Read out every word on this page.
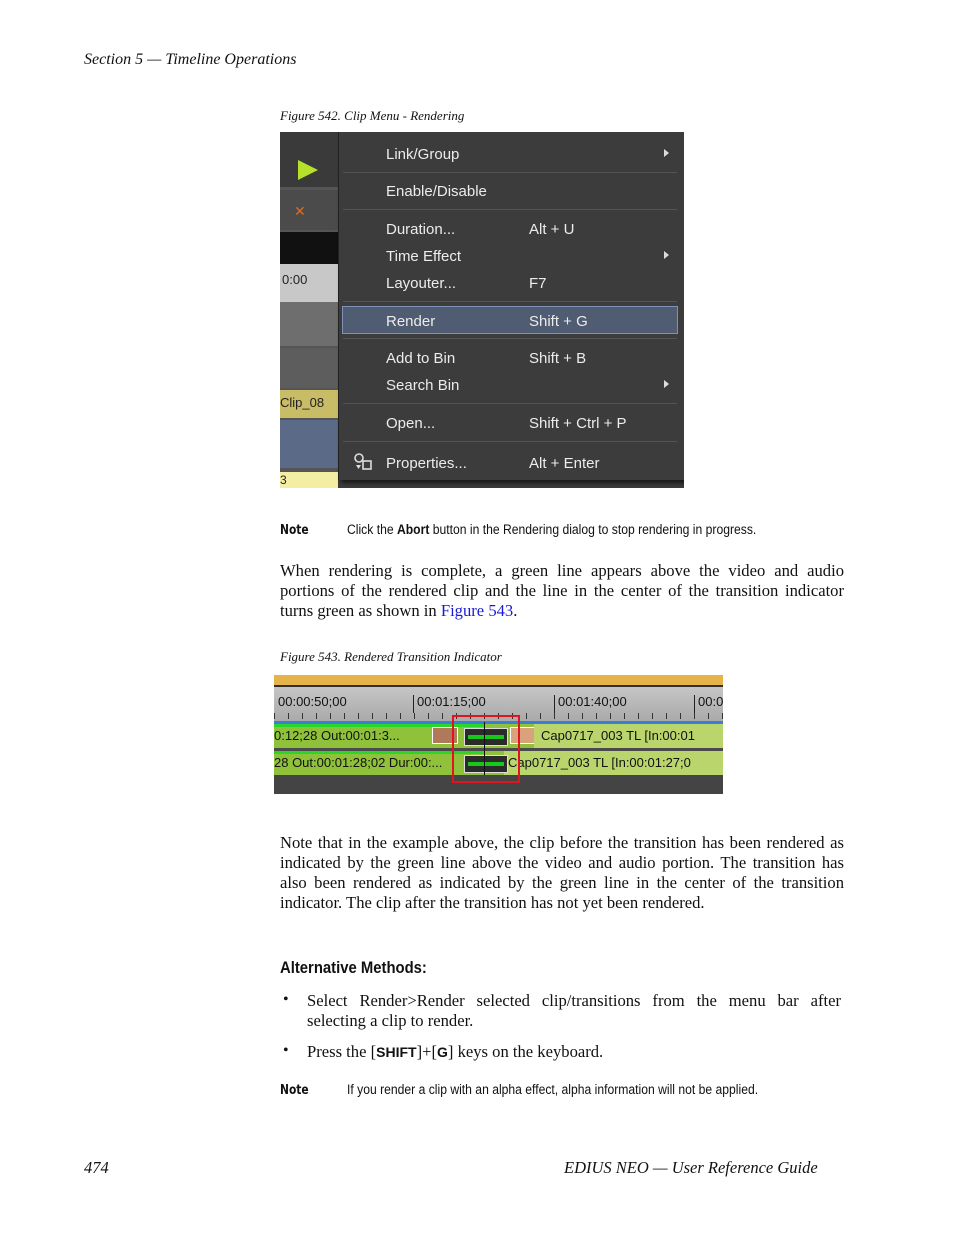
Section 5 — Timeline Operations
Figure 542. Clip Menu - Rendering
✕
0:00
Clip_08
3
Link/Group
Enable/Disable
Duration...	Alt + U
Time Effect
Layouter...	F7
Render	Shift + G
Add to Bin	Shift + B
Search Bin
Open...	Shift + Ctrl + P
Properties...	Alt + Enter
Note	Click the Abort button in the Rendering dialog to stop rendering in progress.
When rendering is complete, a green line appears above the video and audio portions of the rendered clip and the line in the center of the transition indicator turns green as shown in Figure 543.
Figure 543. Rendered Transition Indicator
00:00:50;00	00:01:15;00	00:01:40;00	00:0
0:12;28 Out:00:01:3...	Cap0717_003 TL [In:00:01
28 Out:00:01:28;02 Dur:00:...	Cap0717_003 TL [In:00:01:27;0
Note that in the example above, the clip before the transition has been rendered as indicated by the green line above the video and audio portion. The transition has also been rendered as indicated by the green line in the center of the transition indicator. The clip after the transition has not yet been rendered.
Alternative Methods:
• Select Render>Render selected clip/transitions from the menu bar after selecting a clip to render.
• Press the [SHIFT]+[G] keys on the keyboard.
Note	If you render a clip with an alpha effect, alpha information will not be applied.
474	EDIUS NEO — User Reference Guide
